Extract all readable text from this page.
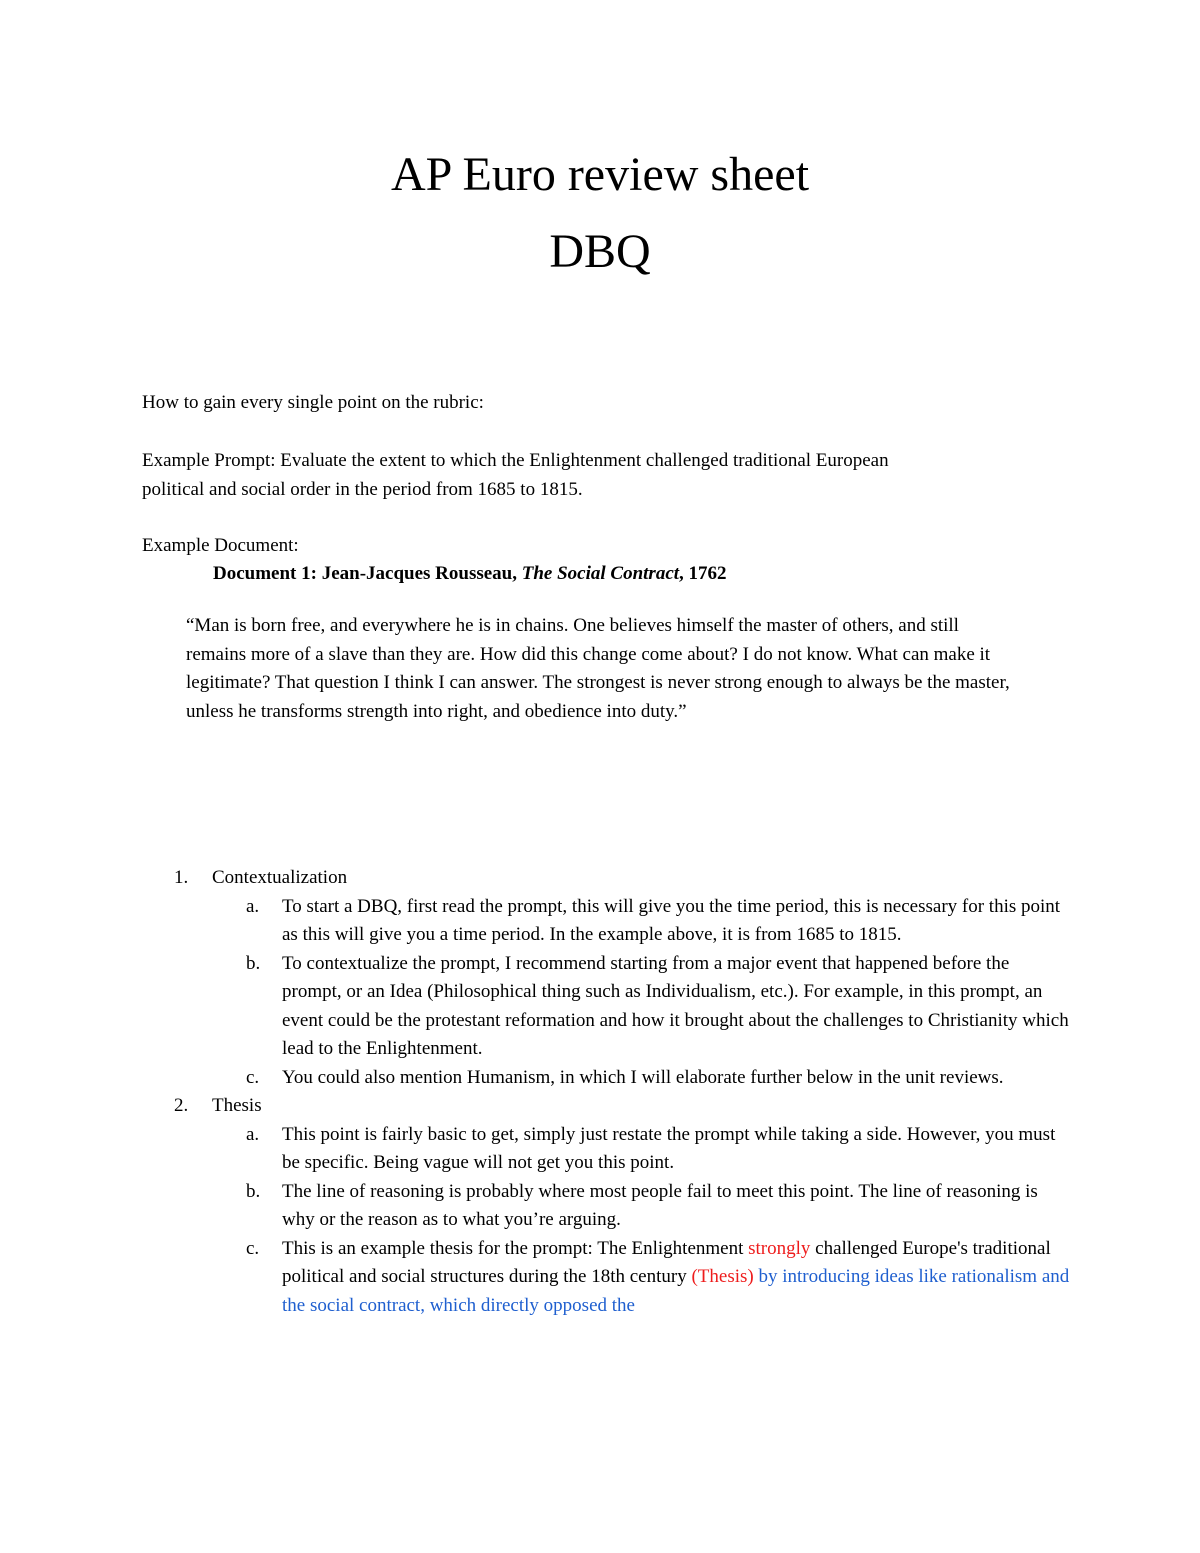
AP Euro review sheet
DBQ
How to gain every single point on the rubric:
Example Prompt: Evaluate the extent to which the Enlightenment challenged traditional European
political and social order in the period from 1685 to 1815.
Example Document:
Document 1: Jean-Jacques Rousseau, The Social Contract, 1762
“Man is born free, and everywhere he is in chains. One believes himself the master of others, and still remains more of a slave than they are. How did this change come about? I do not know. What can make it legitimate? That question I think I can answer. The strongest is never strong enough to always be the master, unless he transforms strength into right, and obedience into duty.”
1. Contextualization
a. To start a DBQ, first read the prompt, this will give you the time period, this is necessary for this point as this will give you a time period. In the example above, it is from 1685 to 1815.
b. To contextualize the prompt, I recommend starting from a major event that happened before the prompt, or an Idea (Philosophical thing such as Individualism, etc.). For example, in this prompt, an event could be the protestant reformation and how it brought about the challenges to Christianity which lead to the Enlightenment.
c. You could also mention Humanism, in which I will elaborate further below in the unit reviews.
2. Thesis
a. This point is fairly basic to get, simply just restate the prompt while taking a side. However, you must be specific. Being vague will not get you this point.
b. The line of reasoning is probably where most people fail to meet this point. The line of reasoning is why or the reason as to what you’re arguing.
c. This is an example thesis for the prompt: The Enlightenment strongly challenged Europe's traditional political and social structures during the 18th century (Thesis) by introducing ideas like rationalism and the social contract, which directly opposed the
